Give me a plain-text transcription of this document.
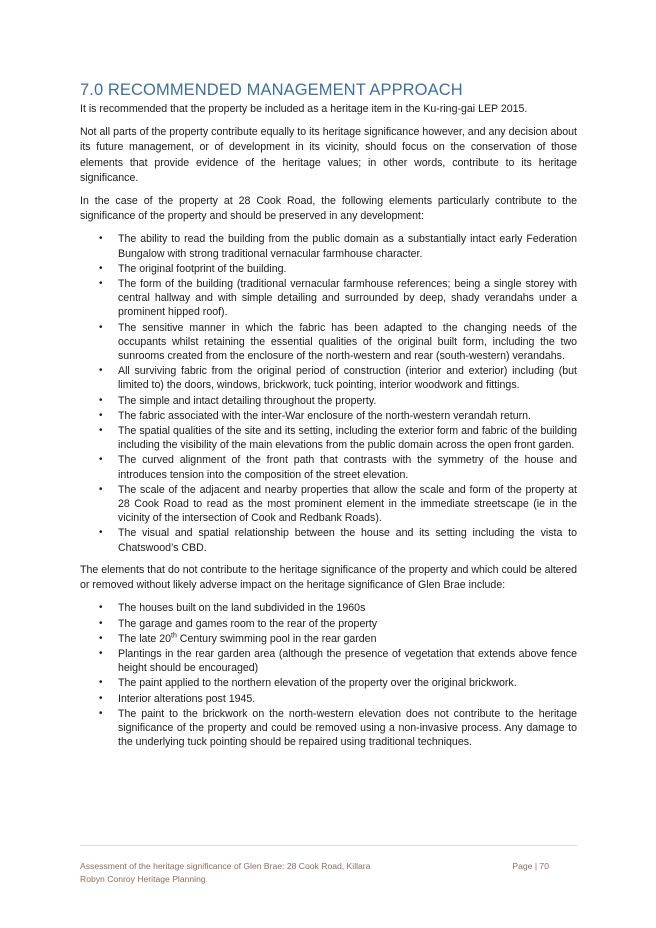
7.0 RECOMMENDED MANAGEMENT APPROACH

It is recommended that the property be included as a heritage item in the Ku-ring-gai LEP 2015.

Not all parts of the property contribute equally to its heritage significance however, and any decision about its future management, or of development in its vicinity, should focus on the conservation of those elements that provide evidence of the heritage values; in other words, contribute to its heritage significance.

In the case of the property at 28 Cook Road, the following elements particularly contribute to the significance of the property and should be preserved in any development:

• The ability to read the building from the public domain as a substantially intact early Federation Bungalow with strong traditional vernacular farmhouse character.
• The original footprint of the building.
• The form of the building (traditional vernacular farmhouse references; being a single storey with central hallway and with simple detailing and surrounded by deep, shady verandahs under a prominent hipped roof).
• The sensitive manner in which the fabric has been adapted to the changing needs of the occupants whilst retaining the essential qualities of the original built form, including the two sunrooms created from the enclosure of the north-western and rear (south-western) verandahs.
• All surviving fabric from the original period of construction (interior and exterior) including (but limited to) the doors, windows, brickwork, tuck pointing, interior woodwork and fittings.
• The simple and intact detailing throughout the property.
• The fabric associated with the inter-War enclosure of the north-western verandah return.
• The spatial qualities of the site and its setting, including the exterior form and fabric of the building including the visibility of the main elevations from the public domain across the open front garden.
• The curved alignment of the front path that contrasts with the symmetry of the house and introduces tension into the composition of the street elevation.
• The scale of the adjacent and nearby properties that allow the scale and form of the property at 28 Cook Road to read as the most prominent element in the immediate streetscape (ie in the vicinity of the intersection of Cook and Redbank Roads).
• The visual and spatial relationship between the house and its setting including the vista to Chatswood’s CBD.

The elements that do not contribute to the heritage significance of the property and which could be altered or removed without likely adverse impact on the heritage significance of Glen Brae include:

• The houses built on the land subdivided in the 1960s
• The garage and games room to the rear of the property
• The late 20th Century swimming pool in the rear garden
• Plantings in the rear garden area (although the presence of vegetation that extends above fence height should be encouraged)
• The paint applied to the northern elevation of the property over the original brickwork.
• Interior alterations post 1945.
• The paint to the brickwork on the north-western elevation does not contribute to the heritage significance of the property and could be removed using a non-invasive process. Any damage to the underlying tuck pointing should be repaired using traditional techniques.
Assessment of the heritage significance of Glen Brae: 28 Cook Road, Killara
Robyn Conroy Heritage Planning
Page | 70
